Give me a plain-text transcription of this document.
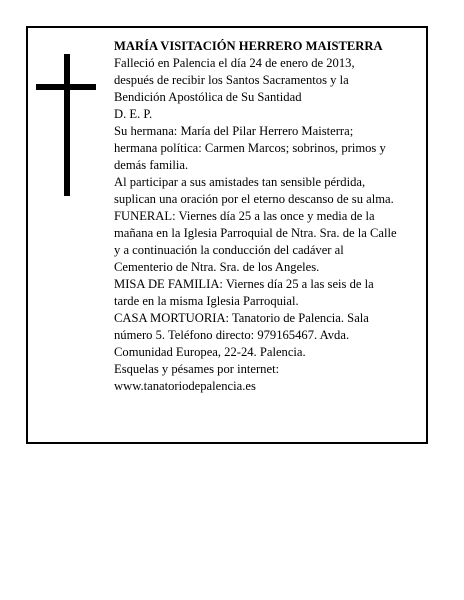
MARÍA VISITACIÓN HERRERO MAISTERRA
Falleció en Palencia el día 24 de enero de 2013,
después de recibir los Santos Sacramentos y la
Bendición Apostólica de Su Santidad
D. E. P.
Su hermana: María del Pilar Herrero Maisterra;
hermana política: Carmen Marcos; sobrinos, primos y
demás familia.
Al participar a sus amistades tan sensible pérdida,
suplican una oración por el eterno descanso de su alma.
FUNERAL: Viernes día 25 a las once y media de la
mañana en la Iglesia Parroquial de Ntra. Sra. de la Calle
y a continuación la conducción del cadáver al
Cementerio de Ntra. Sra. de los Angeles.
MISA DE FAMILIA: Viernes día 25 a las seis de la
tarde en la misma Iglesia Parroquial.
CASA MORTUORIA: Tanatorio de Palencia. Sala
número 5. Teléfono directo: 979165467. Avda.
Comunidad Europea, 22-24. Palencia.
Esquelas y pésames por internet:
www.tanatoriodepalencia.es
